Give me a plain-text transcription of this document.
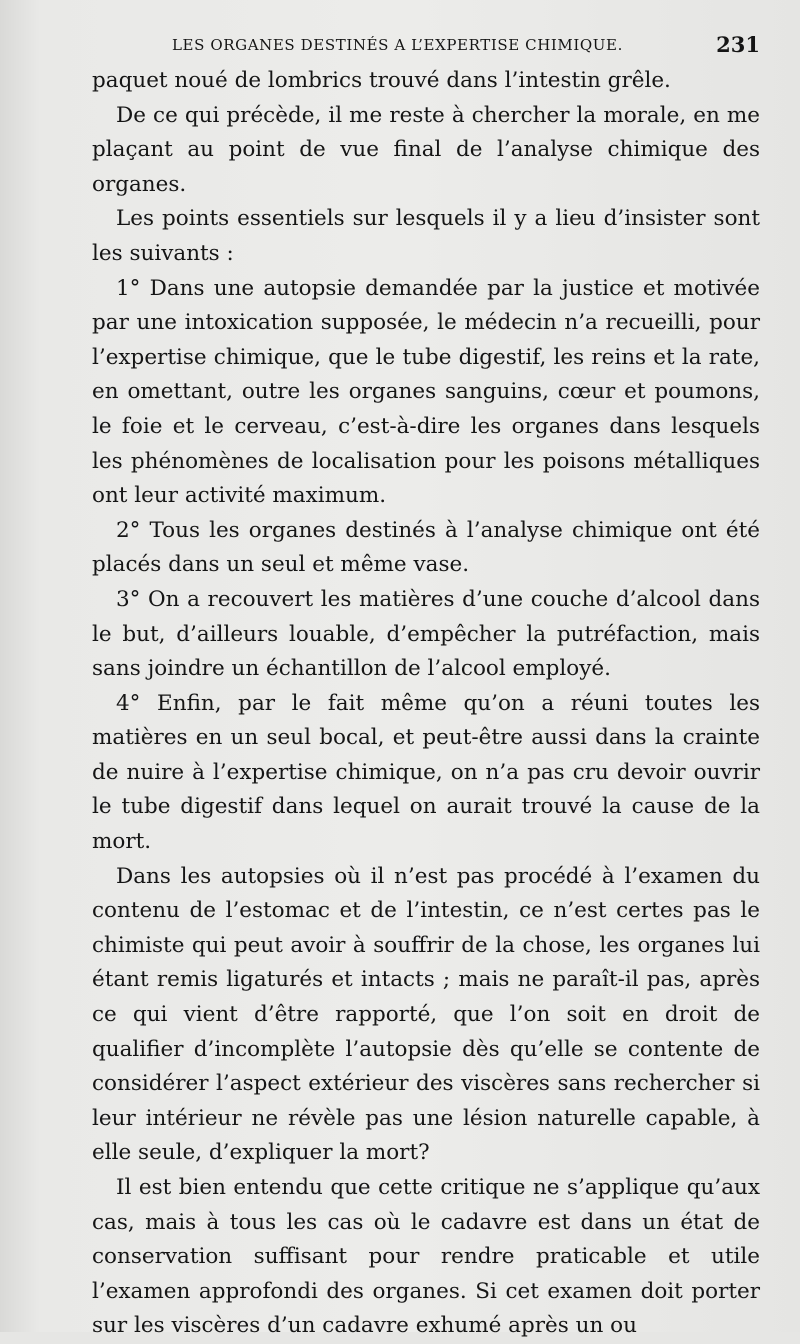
LES ORGANES DESTINÉS A L’EXPERTISE CHIMIQUE.	231

paquet noué de lombrics trouvé dans l’intestin grêle.

De ce qui précède, il me reste à chercher la morale, en me plaçant au point de vue final de l’analyse chimique des organes.

Les points essentiels sur lesquels il y a lieu d’insister sont les suivants :

1° Dans une autopsie demandée par la justice et motivée par une intoxication supposée, le médecin n’a recueilli, pour l’expertise chimique, que le tube digestif, les reins et la rate, en omettant, outre les organes sanguins, cœur et poumons, le foie et le cerveau, c’est-à-dire les organes dans lesquels les phénomènes de localisation pour les poisons métalliques ont leur activité maximum.

2° Tous les organes destinés à l’analyse chimique ont été placés dans un seul et même vase.

3° On a recouvert les matières d’une couche d’alcool dans le but, d’ailleurs louable, d’empêcher la putréfaction, mais sans joindre un échantillon de l’alcool employé.

4° Enfin, par le fait même qu’on a réuni toutes les matières en un seul bocal, et peut-être aussi dans la crainte de nuire à l’expertise chimique, on n’a pas cru devoir ouvrir le tube digestif dans lequel on aurait trouvé la cause de la mort.

Dans les autopsies où il n’est pas procédé à l’examen du contenu de l’estomac et de l’intestin, ce n’est certes pas le chimiste qui peut avoir à souffrir de la chose, les organes lui étant remis ligaturés et intacts ; mais ne paraît-il pas, après ce qui vient d’être rapporté, que l’on soit en droit de qualifier d’incomplète l’autopsie dès qu’elle se contente de considérer l’aspect extérieur des viscères sans rechercher si leur intérieur ne révèle pas une lésion naturelle capable, à elle seule, d’expliquer la mort?

Il est bien entendu que cette critique ne s’applique qu’aux cas, mais à tous les cas où le cadavre est dans un état de conservation suffisant pour rendre praticable et utile l’examen approfondi des organes. Si cet examen doit porter sur les viscères d’un cadavre exhumé après un ou
